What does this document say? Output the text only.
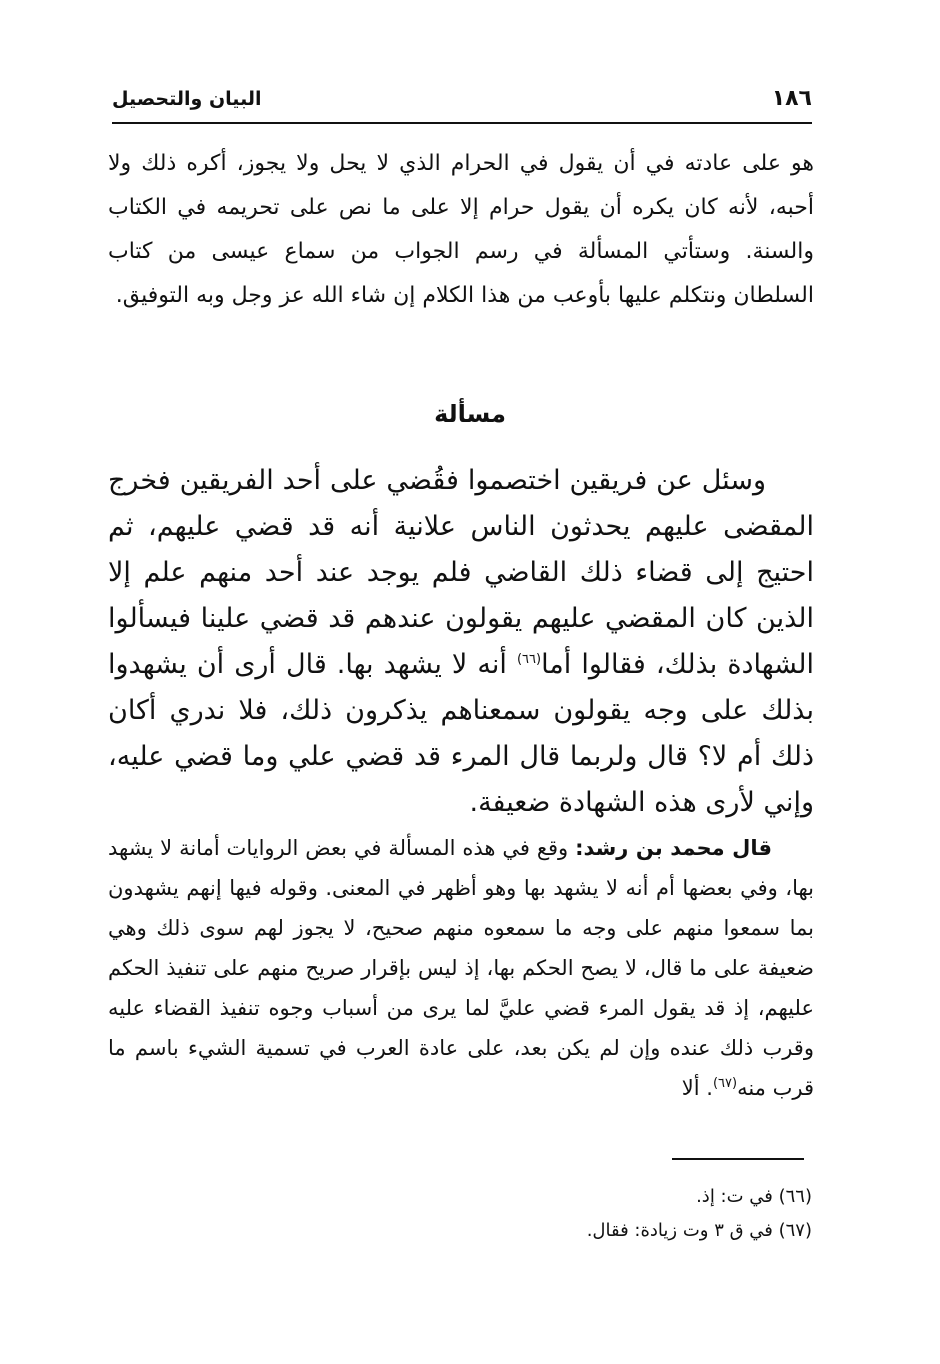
١٨٦
البيان والتحصيل

هو على عادته في أن يقول في الحرام الذي لا يحل ولا يجوز، أكره ذلك ولا أحبه، لأنه كان يكره أن يقول حرام إلا على ما نص على تحريمه في الكتاب والسنة. وستأتي المسألة في رسم الجواب من سماع عيسى من كتاب السلطان ونتكلم عليها بأوعب من هذا الكلام إن شاء الله عز وجل وبه التوفيق.

مسألة

وسئل عن فريقين اختصموا فقُضي على أحد الفريقين فخرج المقضى عليهم يحدثون الناس علانية أنه قد قضي عليهم، ثم احتيج إلى قضاء ذلك القاضي فلم يوجد عند أحد منهم علم إلا الذين كان المقضي عليهم يقولون عندهم قد قضي علينا فيسألوا الشهادة بذلك، فقالوا أما$^{(٦٦)}$ أنه لا يشهد بها. قال أرى أن يشهدوا بذلك على وجه يقولون سمعناهم يذكرون ذلك، فلا ندري أكان ذلك أم لا؟ قال ولربما قال المرء قد قضي علي وما قضي عليه، وإني لأرى هذه الشهادة ضعيفة.

قال محمد بن رشد: وقع في هذه المسألة في بعض الروايات أمانة لا يشهد بها، وفي بعضها أم أنه لا يشهد بها وهو أظهر في المعنى. وقوله فيها إنهم يشهدون بما سمعوا منهم على وجه ما سمعوه منهم صحيح، لا يجوز لهم سوى ذلك وهي ضعيفة على ما قال، لا يصح الحكم بها، إذ ليس بإقرار صريح منهم على تنفيذ الحكم عليهم، إذ قد يقول المرء قضي عليَّ لما يرى من أسباب وجوه تنفيذ القضاء عليه وقرب ذلك عنده وإن لم يكن بعد، على عادة العرب في تسمية الشيء باسم ما قرب منه$^{(٦٧)}$. ألا

(٦٦) في ت: إذ.
(٦٧) في ق ٣ وت زيادة: فقال.
